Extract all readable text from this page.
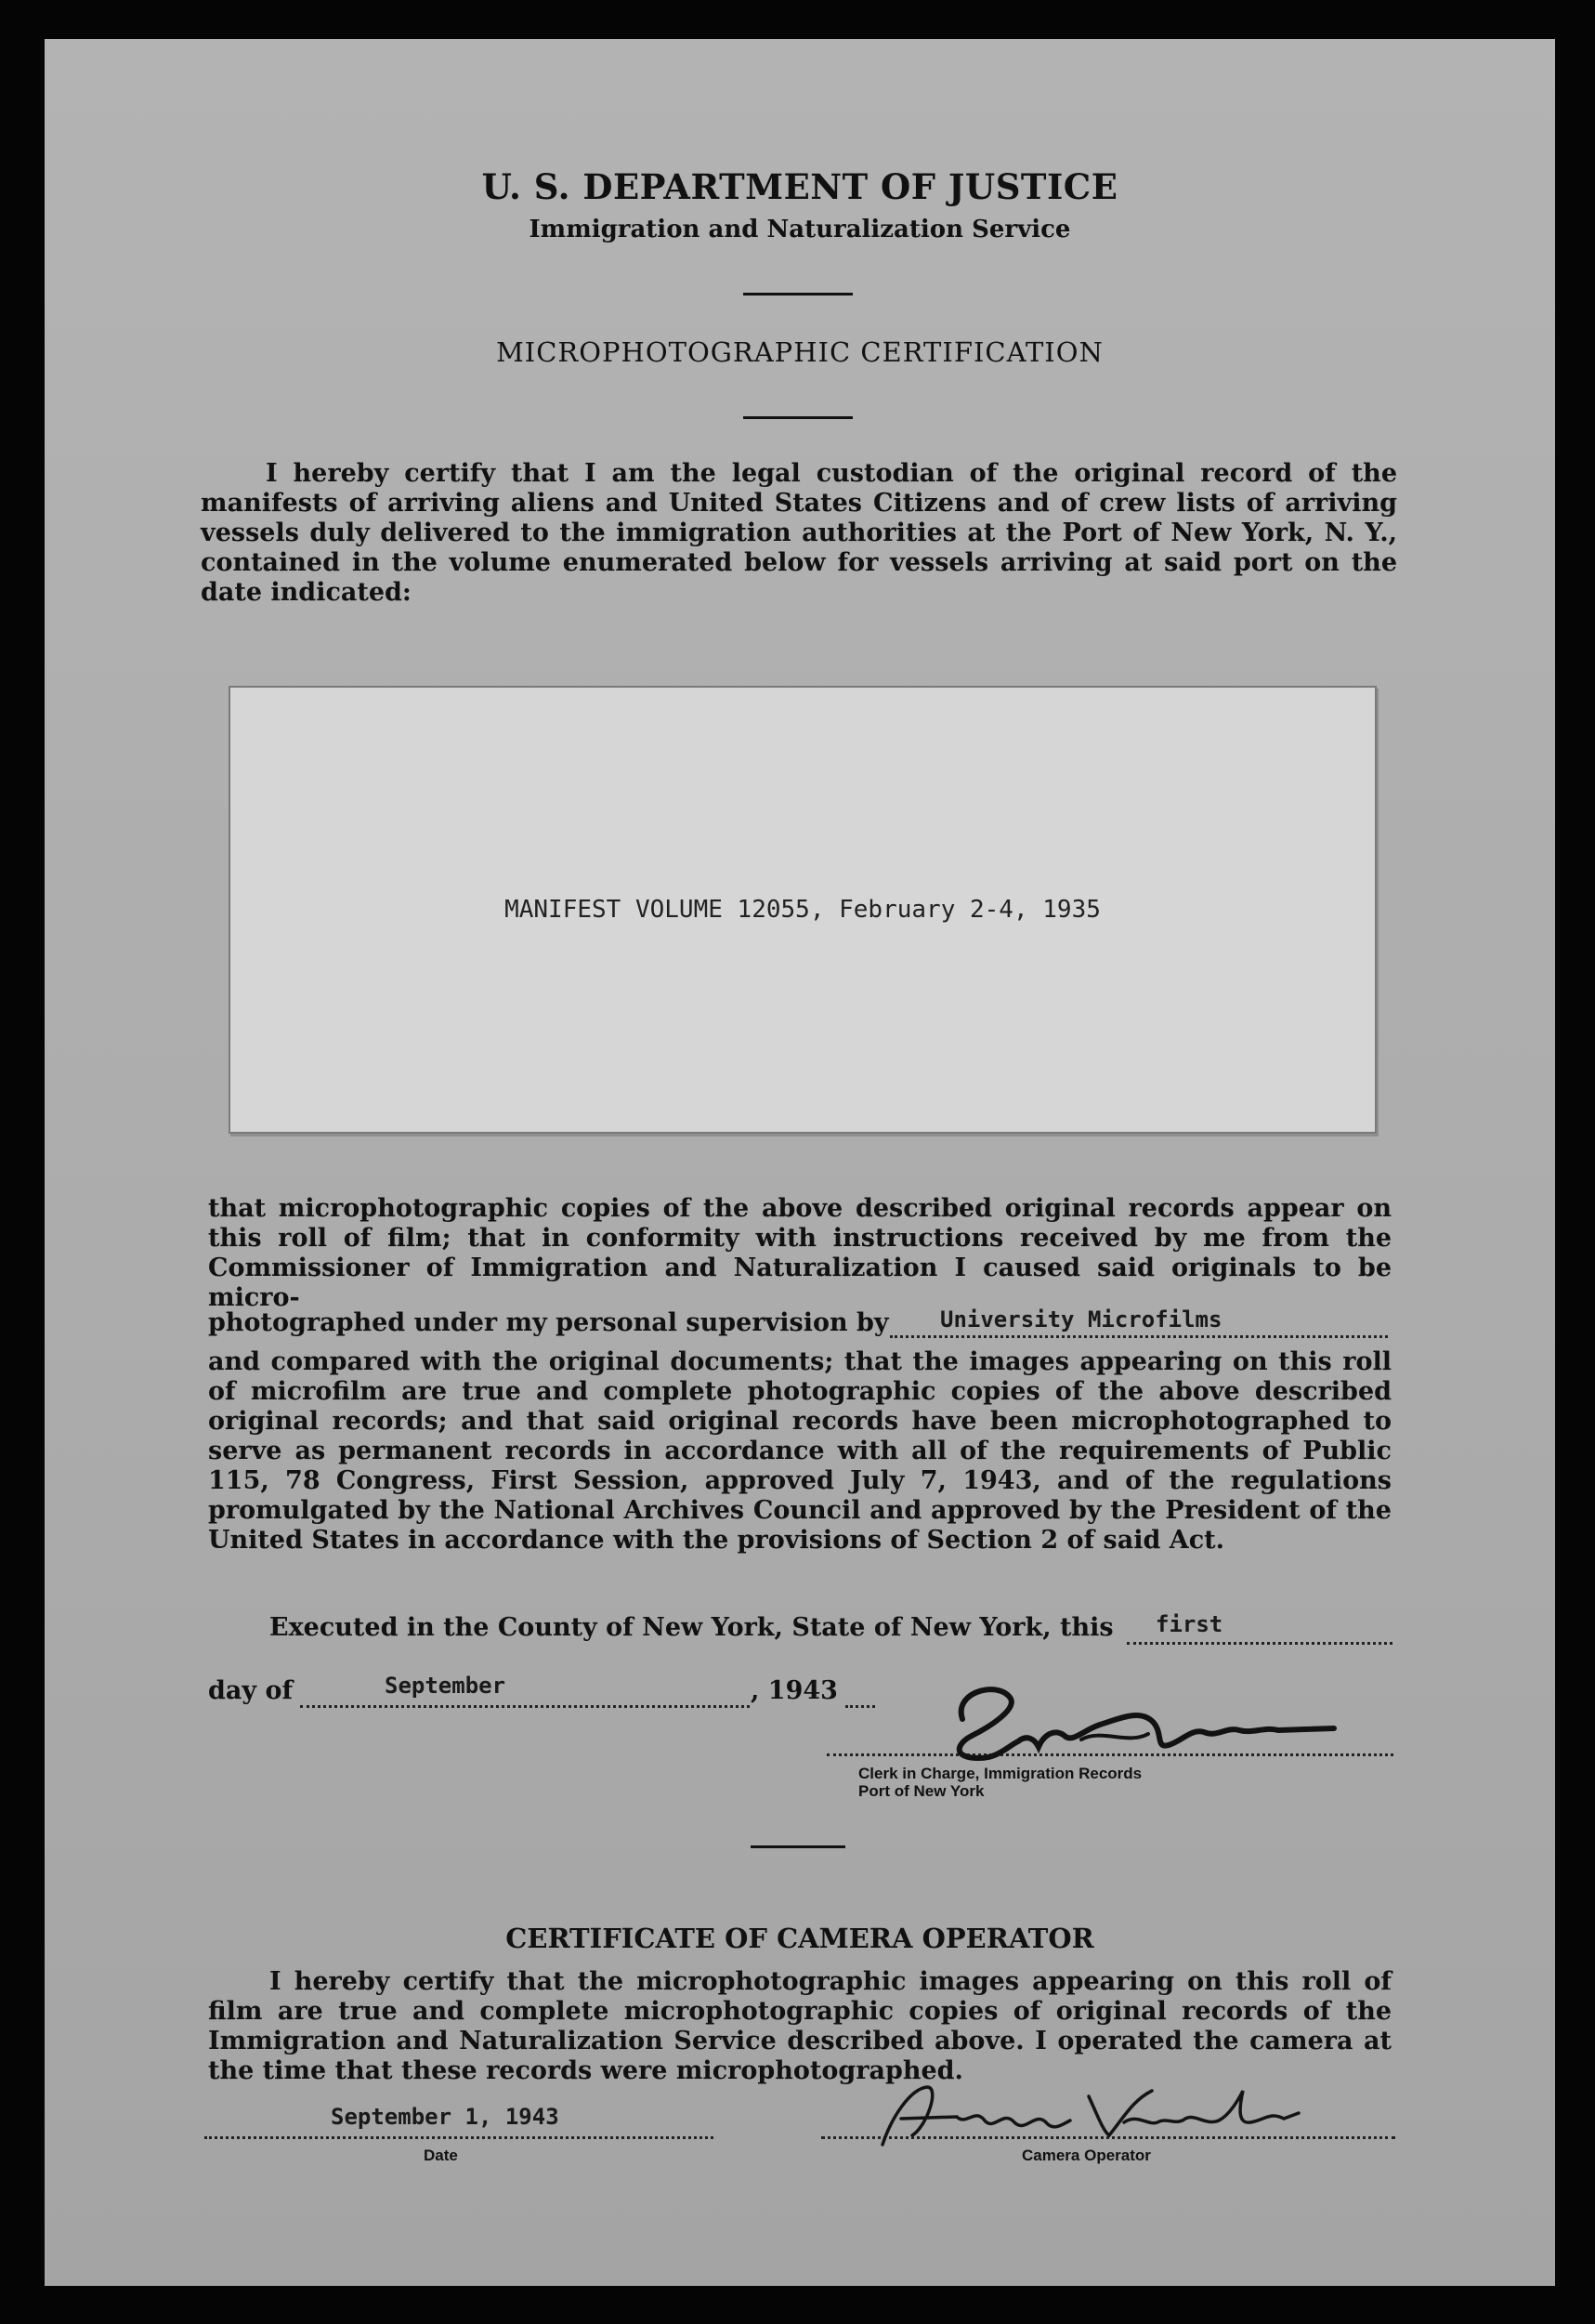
U. S. DEPARTMENT OF JUSTICE
Immigration and Naturalization Service
MICROPHOTOGRAPHIC CERTIFICATION
I hereby certify that I am the legal custodian of the original record of the manifests of arriving aliens and United States Citizens and of crew lists of arriving vessels duly delivered to the immigration authorities at the Port of New York, N. Y., contained in the volume enumerated below for vessels arriving at said port on the date indicated:
MANIFEST VOLUME 12055, February 2-4, 1935
that microphotographic copies of the above described original records appear on this roll of film; that in conformity with instructions received by me from the Commissioner of Immigration and Naturalization I caused said originals to be micro-
photographed under my personal supervision by University Microfilms
and compared with the original documents; that the images appearing on this roll of microfilm are true and complete photographic copies of the above described original records; and that said original records have been microphotographed to serve as permanent records in accordance with all of the requirements of Public 115, 78 Congress, First Session, approved July 7, 1943, and of the regulations promulgated by the National Archives Council and approved by the President of the United States in accordance with the provisions of Section 2 of said Act.
Executed in the County of New York, State of New York, this first
day of	September	, 1943
Clerk in Charge, Immigration Records
Port of New York
CERTIFICATE OF CAMERA OPERATOR
I hereby certify that the microphotographic images appearing on this roll of film are true and complete microphotographic copies of original records of the Immigration and Naturalization Service described above. I operated the camera at the time that these records were microphotographed.
September 1, 1943
Date	Camera Operator
